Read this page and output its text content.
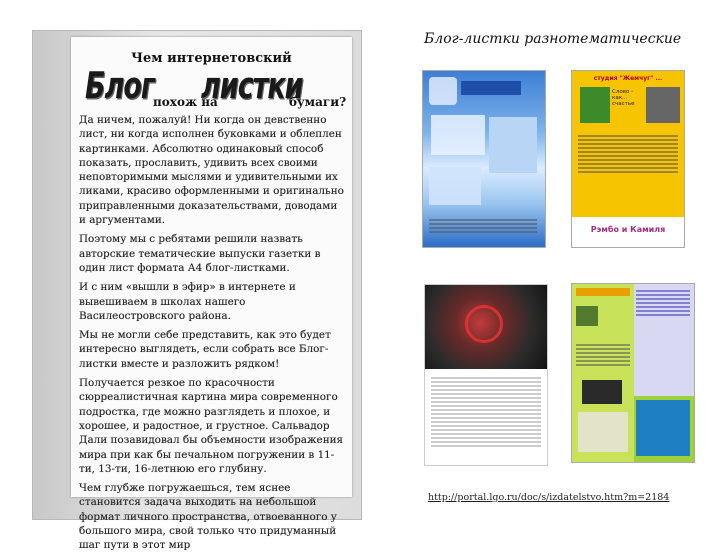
Чем интернетовский
Блог
похож на
листки
бумаги?

Да ничем, пожалуй! Ни когда он девственно лист, ни когда исполнен буковками и облеплен картинками. Абсолютно одинаковый способ показать, прославить, удивить всех своими неповторимыми мыслями и удивительными их ликами, красиво оформленными и оригинально приправленными доказательствами, доводами и аргументами.

Поэтому мы с ребятами решили назвать авторские тематические выпуски газетки в один лист формата А4 блог-листками.

И с ним «вышли в эфир» в интернете и вывешиваем в школах нашего Василеостровского района.

Мы не могли себе представить, как это будет интересно выглядеть, если собрать все Блог-листки вместе и разложить рядком!

Получается резкое по красочности сюрреалистичная картина мира современного подростка, где можно разглядеть и плохое, и хорошее, и радостное, и грустное. Сальвадор Дали позавидовал бы объемности изображения мира при как бы печальном погружении в 11-ти, 13-ти, 16-летнюю его глубину.

Чем глубже погружаешься, тем яснее становится задача выходить на небольшой формат личного пространства, отвоеванного у большого мира, свой только что придуманный шаг пути в этот мир

Блог-листки разнотематические
студия "Жемчуг" ...
Слово - как... счастье
Рэмбо и Камиля
http://portal.lgo.ru/doc/s/izdatelstvo.htm?m=2184
